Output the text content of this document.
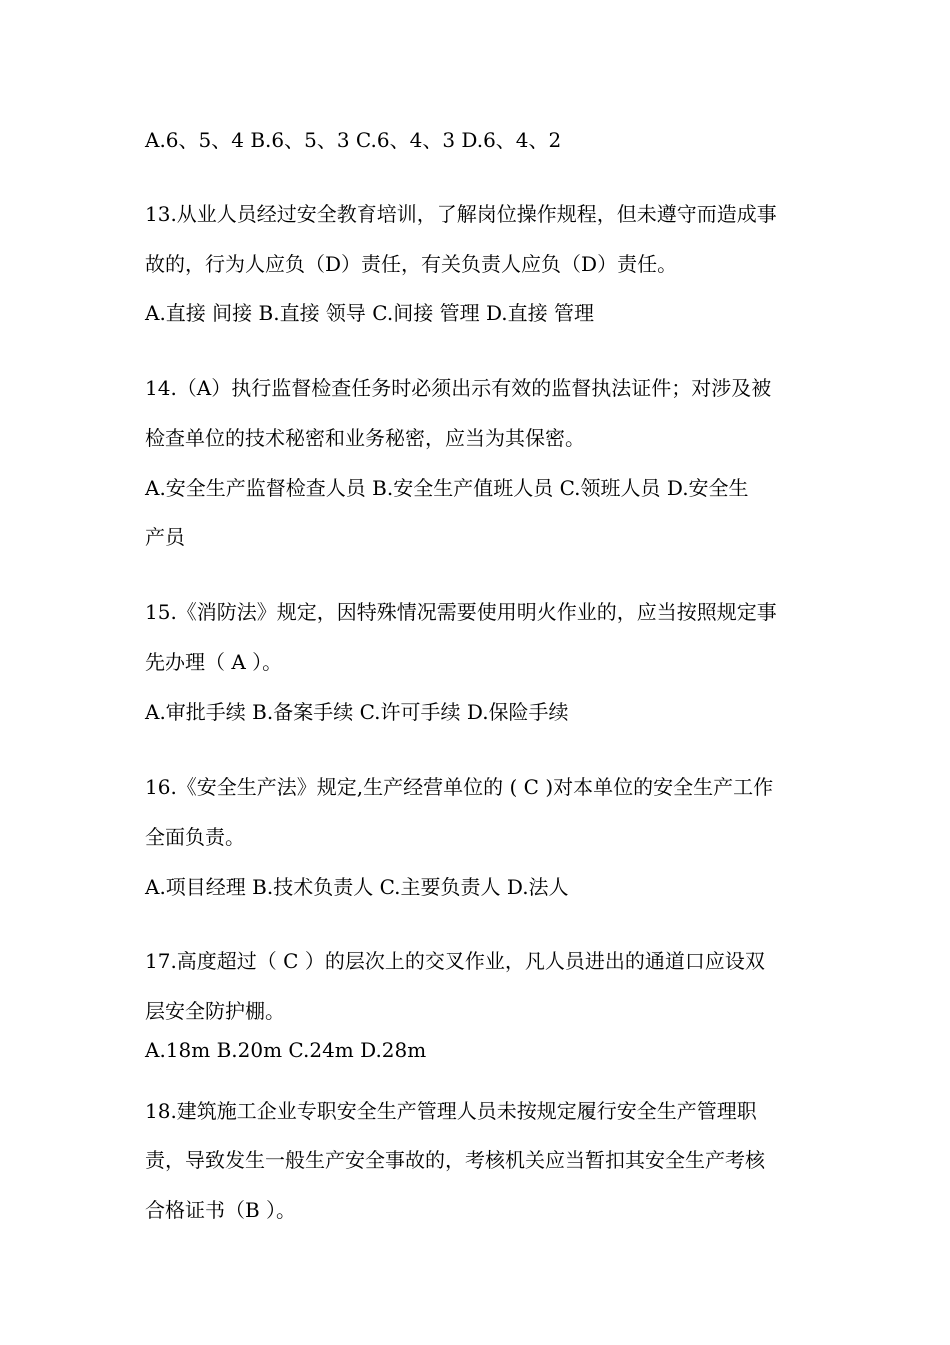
A.6、5、4 B.6、5、3 C.6、4、3 D.6、4、2
13.从业人员经过安全教育培训，了解岗位操作规程，但未遵守而造成事
故的，行为人应负（D）责任，有关负责人应负（D）责任。
A.直接 间接 B.直接 领导 C.间接 管理 D.直接 管理
14.（A）执行监督检查任务时必须出示有效的监督执法证件；对涉及被
检查单位的技术秘密和业务秘密，应当为其保密。
A.安全生产监督检查人员 B.安全生产值班人员 C.领班人员 D.安全生
产员
15.《消防法》规定，因特殊情况需要使用明火作业的，应当按照规定事
先办理（ A ）。
A.审批手续 B.备案手续 C.许可手续 D.保险手续
16.《安全生产法》规定,生产经营单位的 ( C )对本单位的安全生产工作
全面负责。
A.项目经理 B.技术负责人 C.主要负责人 D.法人
17.高度超过（ C ）的层次上的交叉作业，凡人员进出的通道口应设双
层安全防护棚。
A.18m B.20m C.24m D.28m
18.建筑施工企业专职安全生产管理人员未按规定履行安全生产管理职
责，导致发生一般生产安全事故的，考核机关应当暂扣其安全生产考核
合格证书（B ）。
